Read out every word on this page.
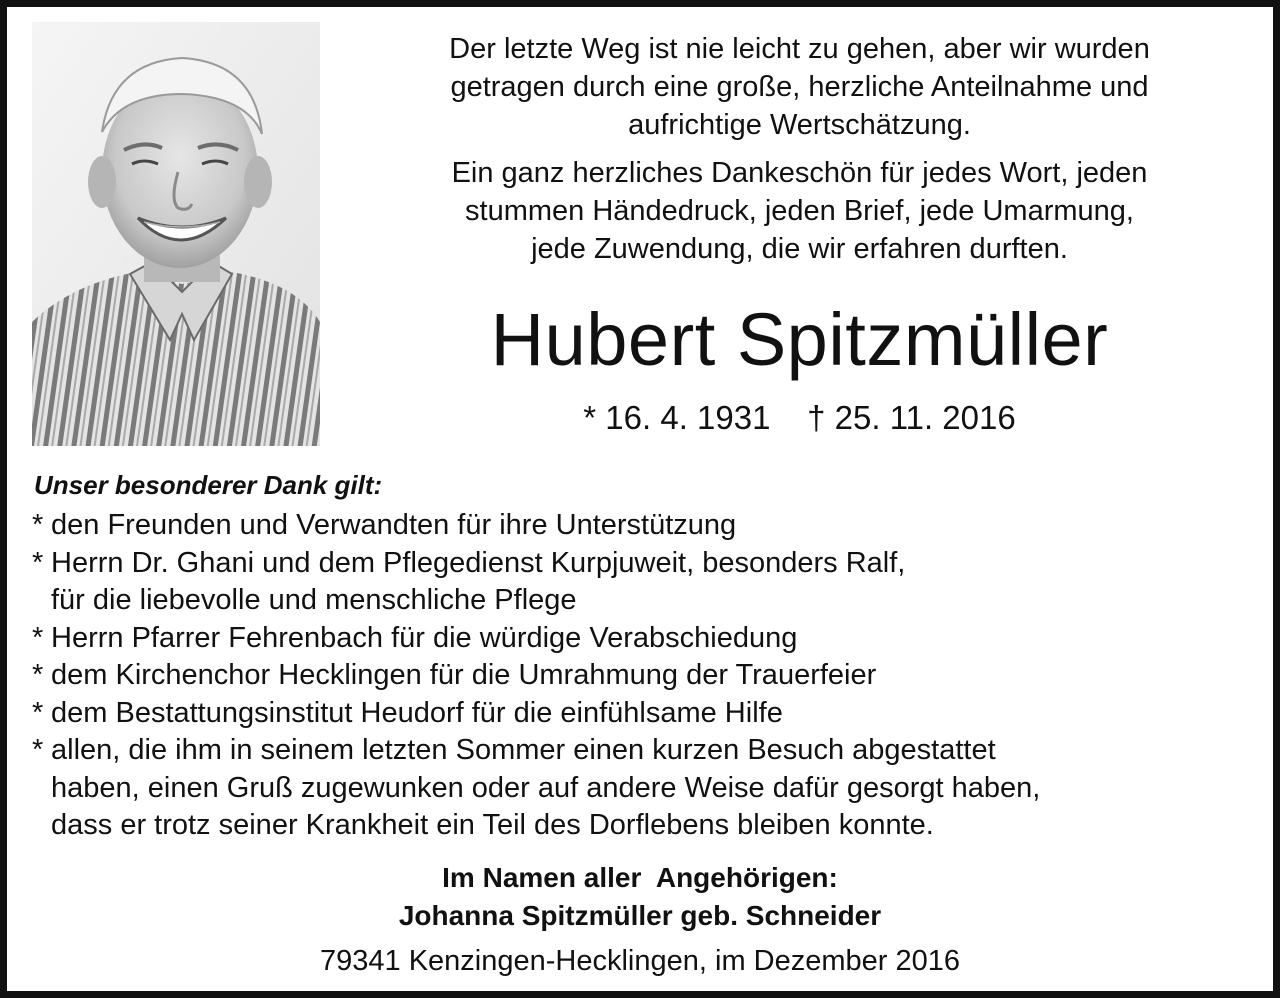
Der letzte Weg ist nie leicht zu gehen, aber wir wurden
getragen durch eine große, herzliche Anteilnahme und
aufrichtige Wertschätzung.

Ein ganz herzliches Dankeschön für jedes Wort, jeden
stummen Händedruck, jeden Brief, jede Umarmung,
jede Zuwendung, die wir erfahren durften.

Hubert Spitzmüller
* 16. 4. 1931    † 25. 11. 2016
Unser besonderer Dank gilt:
* den Freunden und Verwandten für ihre Unterstützung
* Herrn Dr. Ghani und dem Pflegedienst Kurpjuweit, besonders Ralf,
für die liebevolle und menschliche Pflege
* Herrn Pfarrer Fehrenbach für die würdige Verabschiedung
* dem Kirchenchor Hecklingen für die Umrahmung der Trauerfeier
* dem Bestattungsinstitut Heudorf für die einfühlsame Hilfe
* allen, die ihm in seinem letzten Sommer einen kurzen Besuch abgestattet
haben, einen Gruß zugewunken oder auf andere Weise dafür gesorgt haben,
dass er trotz seiner Krankheit ein Teil des Dorflebens bleiben konnte.
Im Namen aller  Angehörigen:
Johanna Spitzmüller geb. Schneider
79341 Kenzingen-Hecklingen, im Dezember 2016
